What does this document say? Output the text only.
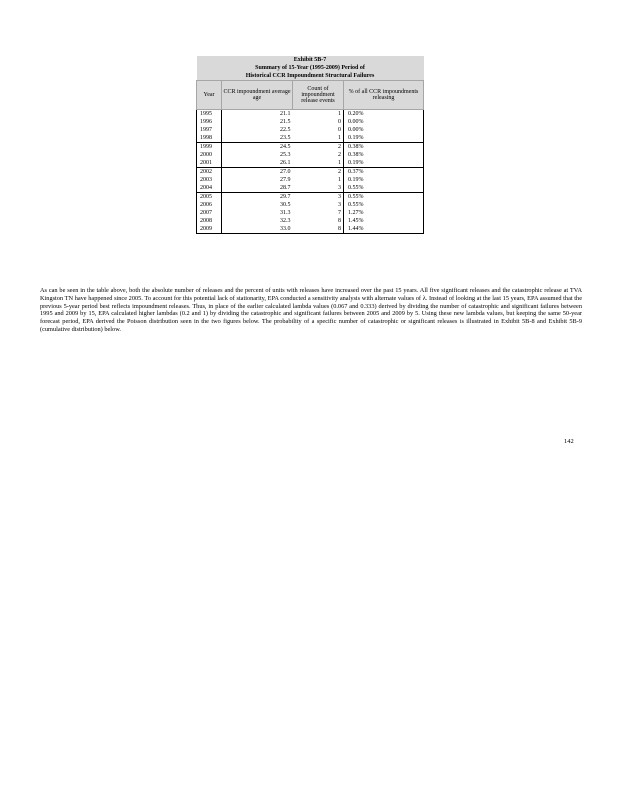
Exhibit 5B-7			
Summary of 15-Year (1995-2009) Period of			
Historical CCR Impoundment Structural Failures			
Year	CCR impoundment average age	Count of impoundment release events	% of all CCR impoundments releasing
1995	21.1	1	0.20%
1996	21.5	0	0.00%
1997	22.5	0	0.00%
1998	23.5	1	0.19%
1999	24.5	2	0.38%
2000	25.3	2	0.38%
2001	26.1	1	0.19%
2002	27.0	2	0.37%
2003	27.9	1	0.19%
2004	28.7	3	0.55%
2005	29.7	3	0.55%
2006	30.5	3	0.55%
2007	31.3	7	1.27%
2008	32.3	8	1.45%
2009	33.0	8	1.44%

As can be seen in the table above, both the absolute number of releases and the percent of units with releases have increased over the past 15 years. All five significant releases and the catastrophic release at TVA Kingston TN have happened since 2005. To account for this potential lack of stationarity, EPA conducted a sensitivity analysis with alternate values of λ. Instead of looking at the last 15 years, EPA assumed that the previous 5-year period best reflects impoundment releases. Thus, in place of the earlier calculated lambda values (0.067 and 0.333) derived by dividing the number of catastrophic and significant failures between 1995 and 2009 by 15, EPA calculated higher lambdas (0.2 and 1) by dividing the catastrophic and significant failures between 2005 and 2009 by 5. Using these new lambda values, but keeping the same 50-year forecast period, EPA derived the Poisson distribution seen in the two figures below. The probability of a specific number of catastrophic or significant releases is illustrated in Exhibit 5B-8 and Exhibit 5B-9 (cumulative distribution) below.

142
